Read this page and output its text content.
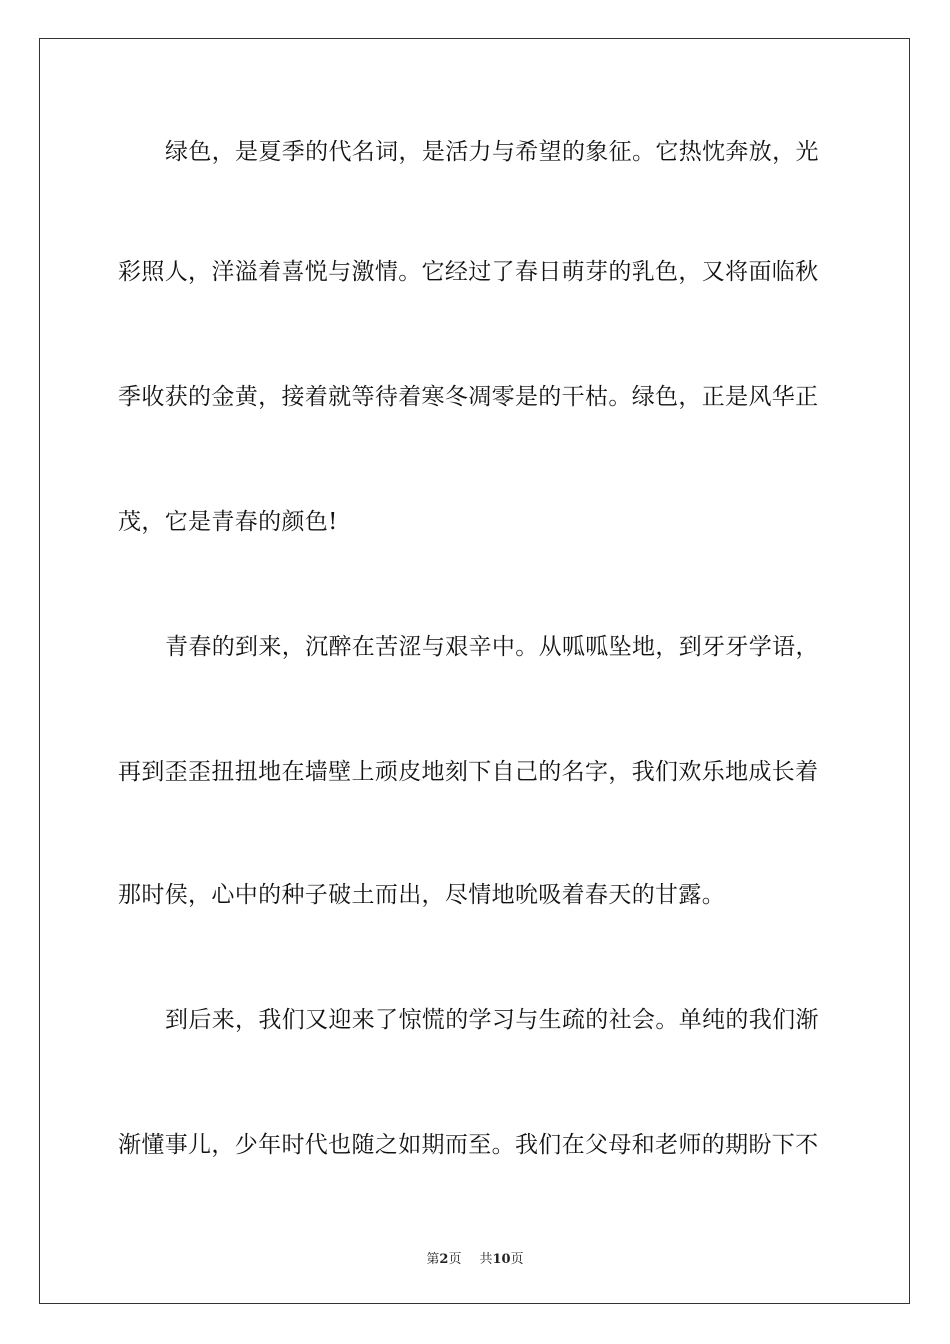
绿色，是夏季的代名词，是活力与希望的象征。它热忱奔放，光
彩照人，洋溢着喜悦与激情。它经过了春日萌芽的乳色，又将面临秋
季收获的金黄，接着就等待着寒冬凋零是的干枯。绿色，正是风华正
茂，它是青春的颜色!
青春的到来，沉醉在苦涩与艰辛中。从呱呱坠地，到牙牙学语，
再到歪歪扭扭地在墙壁上顽皮地刻下自己的名字，我们欢乐地成长着
那时侯，心中的种子破土而出，尽情地吮吸着春天的甘露。
到后来，我们又迎来了惊慌的学习与生疏的社会。单纯的我们渐
渐懂事儿，少年时代也随之如期而至。我们在父母和老师的期盼下不
第2页 共10页
